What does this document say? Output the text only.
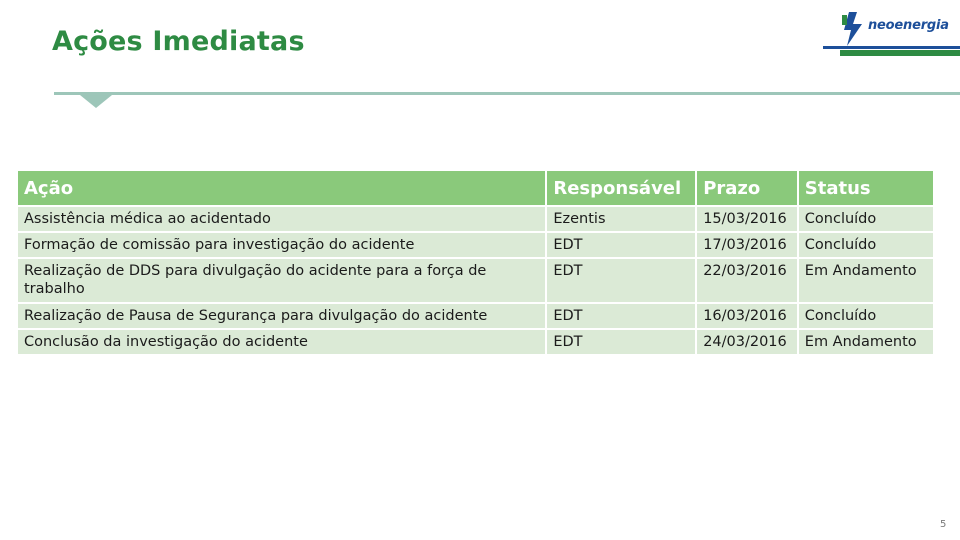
Ações Imediatas
neoenergia
Ação	Responsável	Prazo	Status
Assistência médica ao acidentado	Ezentis	15/03/2016	Concluído
Formação de comissão para investigação do acidente	EDT	17/03/2016	Concluído
Realização de DDS para divulgação do acidente para a força de trabalho	EDT	22/03/2016	Em Andamento
Realização de Pausa de Segurança para divulgação do acidente	EDT	16/03/2016	Concluído
Conclusão da investigação do acidente	EDT	24/03/2016	Em Andamento
5
